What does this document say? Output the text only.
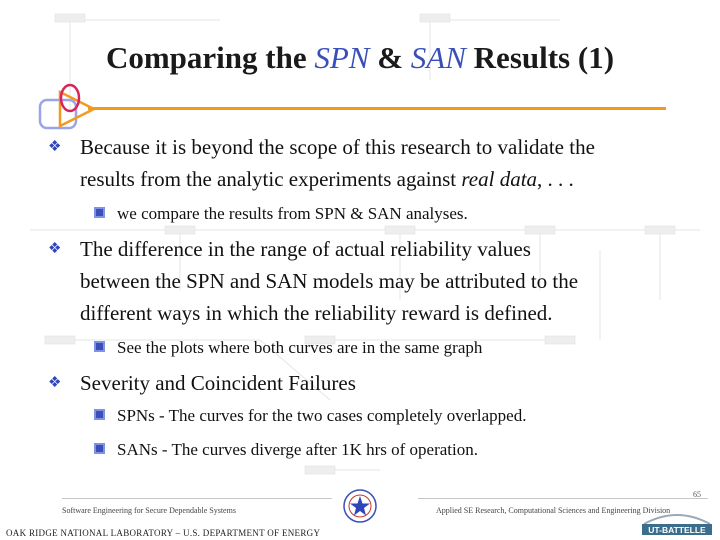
Comparing the SPN & SAN Results (1)
❖ Because it is beyond the scope of this research to validate the
results from the analytic experiments against real data, . . .
we compare the results from SPN & SAN analyses.
❖ The difference in the range of actual reliability values
between the SPN and SAN models may be attributed to the
different ways in which the reliability reward is defined.
See the plots where both curves are in the same graph
❖ Severity and Coincident Failures
SPNs - The curves for the two cases completely overlapped.
SANs - The curves diverge after 1K hrs of operation.
Software Engineering for Secure Dependable Systems	Applied SE Research, Computational Sciences and Engineering Division
65
OAK RIDGE NATIONAL LABORATORY – U.S. DEPARTMENT OF ENERGY	UT-BATTELLE
